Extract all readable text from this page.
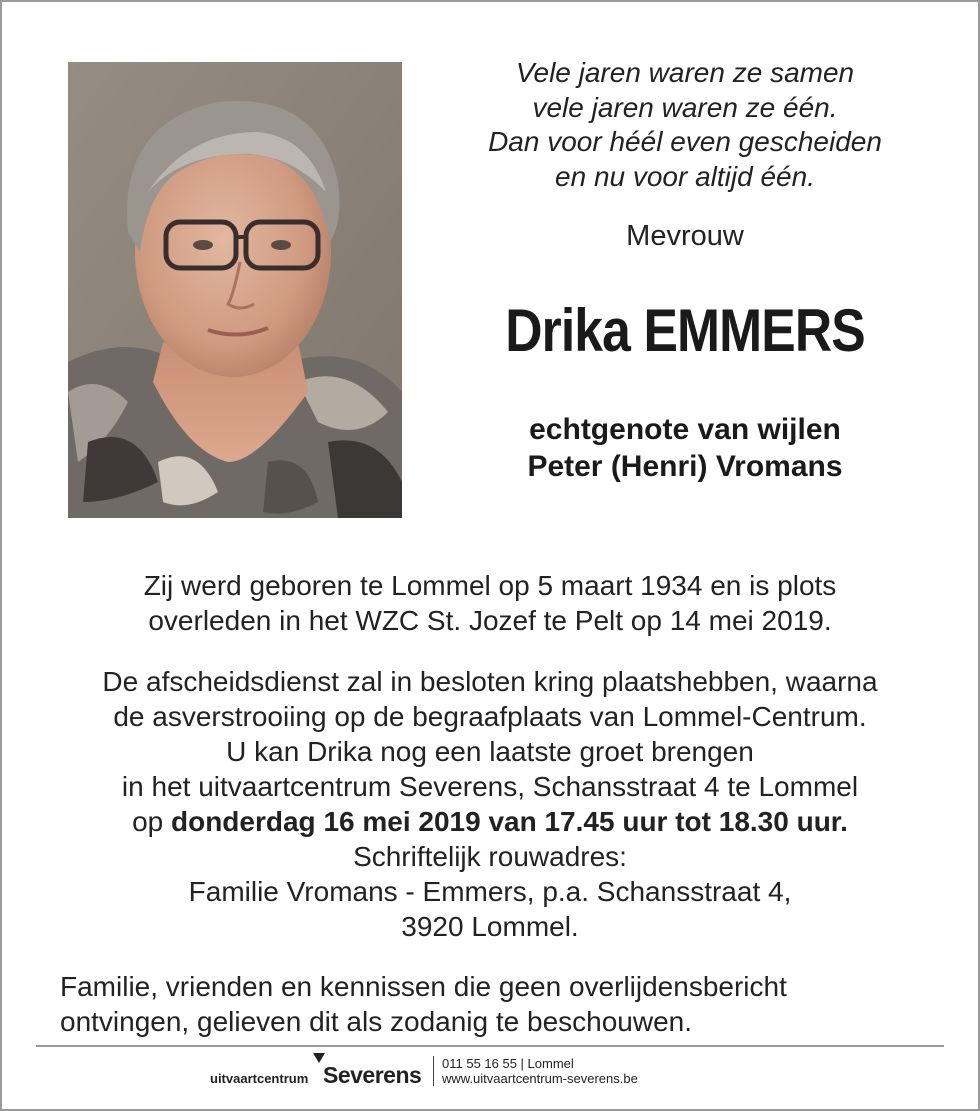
Vele jaren waren ze samen
vele jaren waren ze één.
Dan voor héél even gescheiden
en nu voor altijd één.
Mevrouw
Drika EMMERS
echtgenote van wijlen
Peter (Henri) Vromans
Zij werd geboren te Lommel op 5 maart 1934 en is plots
overleden in het WZC St. Jozef te Pelt op 14 mei 2019.
De afscheidsdienst zal in besloten kring plaatshebben, waarna
de asverstrooiing op de begraafplaats van Lommel-Centrum.
U kan Drika nog een laatste groet brengen
in het uitvaartcentrum Severens, Schansstraat 4 te Lommel
op donderdag 16 mei 2019 van 17.45 uur tot 18.30 uur.
Schriftelijk rouwadres:
Familie Vromans - Emmers, p.a. Schansstraat 4,
3920 Lommel.
Familie, vrienden en kennissen die geen overlijdensbericht
ontvingen, gelieven dit als zodanig te beschouwen.
uitvaartcentrum Severens 011 55 16 55 | Lommel
www.uitvaartcentrum-severens.be
